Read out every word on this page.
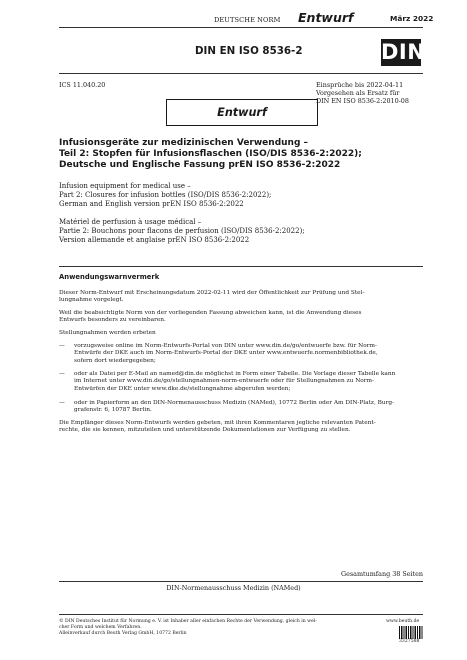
DEUTSCHE NORM Entwurf	März 2022
DIN EN ISO 8536-2	DIN
ICS 11.040.20	Einsprüche bis 2022-04-11
Vorgesehen als Ersatz für
DIN EN ISO 8536-2:2010-08
Entwurf
Infusionsgeräte zur medizinischen Verwendung –
Teil 2: Stopfen für Infusionsflaschen (ISO/DIS 8536-2:2022);
Deutsche und Englische Fassung prEN ISO 8536-2:2022
Infusion equipment for medical use –
Part 2: Closures for infusion bottles (ISO/DIS 8536-2:2022);
German and English version prEN ISO 8536-2:2022
Matériel de perfusion à usage médical –
Partie 2: Bouchons pour flacons de perfusion (ISO/DIS 8536-2:2022);
Version allemande et anglaise prEN ISO 8536-2:2022
Anwendungswarnvermerk
Dieser Norm-Entwurf mit Erscheinungsdatum 2022-02-11 wird der Öffentlichkeit zur Prüfung und Stel-
lungnahme vorgelegt.
Weil die beabsichtigte Norm von der vorliegenden Fassung abweichen kann, ist die Anwendung dieses
Entwurfs besonders zu vereinbaren.
Stellungnahmen werden erbeten
— vorzugsweise online im Norm-Entwurfs-Portal von DIN unter www.din.de/go/entwuerfe bzw. für Norm-
Entwürfe der DKE auch im Norm-Entwurfs-Portal der DKE unter www.entwuerfe.normenbibliothek.de,
sofern dort wiedergegeben;
— oder als Datei per E-Mail an named@din.de möglichst in Form einer Tabelle. Die Vorlage dieser Tabelle kann
im Internet unter www.din.de/go/stellungnahmen-norm-entwuerfe oder für Stellungnahmen zu Norm-
Entwürfen der DKE unter www.dke.de/stellungnahme abgerufen werden;
— oder in Papierform an den DIN-Normenausschuss Medizin (NAMed), 10772 Berlin oder Am DIN-Platz, Burg-
grafenstr. 6, 10787 Berlin.
Die Empfänger dieses Norm-Entwurfs werden gebeten, mit ihren Kommentaren jegliche relevanten Patent-
rechte, die sie kennen, mitzuteilen und unterstützende Dokumentationen zur Verfügung zu stellen.
Gesamtumfang 38 Seiten
DIN-Normenausschuss Medizin (NAMed)
© DIN Deutsches Institut für Normung e. V. ist Inhaber aller einfachen Rechte der Verwendung, gleich in wel-
cher Form und welchem Verfahren.
Alleinverkauf durch Beuth Verlag GmbH, 10772 Berlin
www.beuth.de
3327588
